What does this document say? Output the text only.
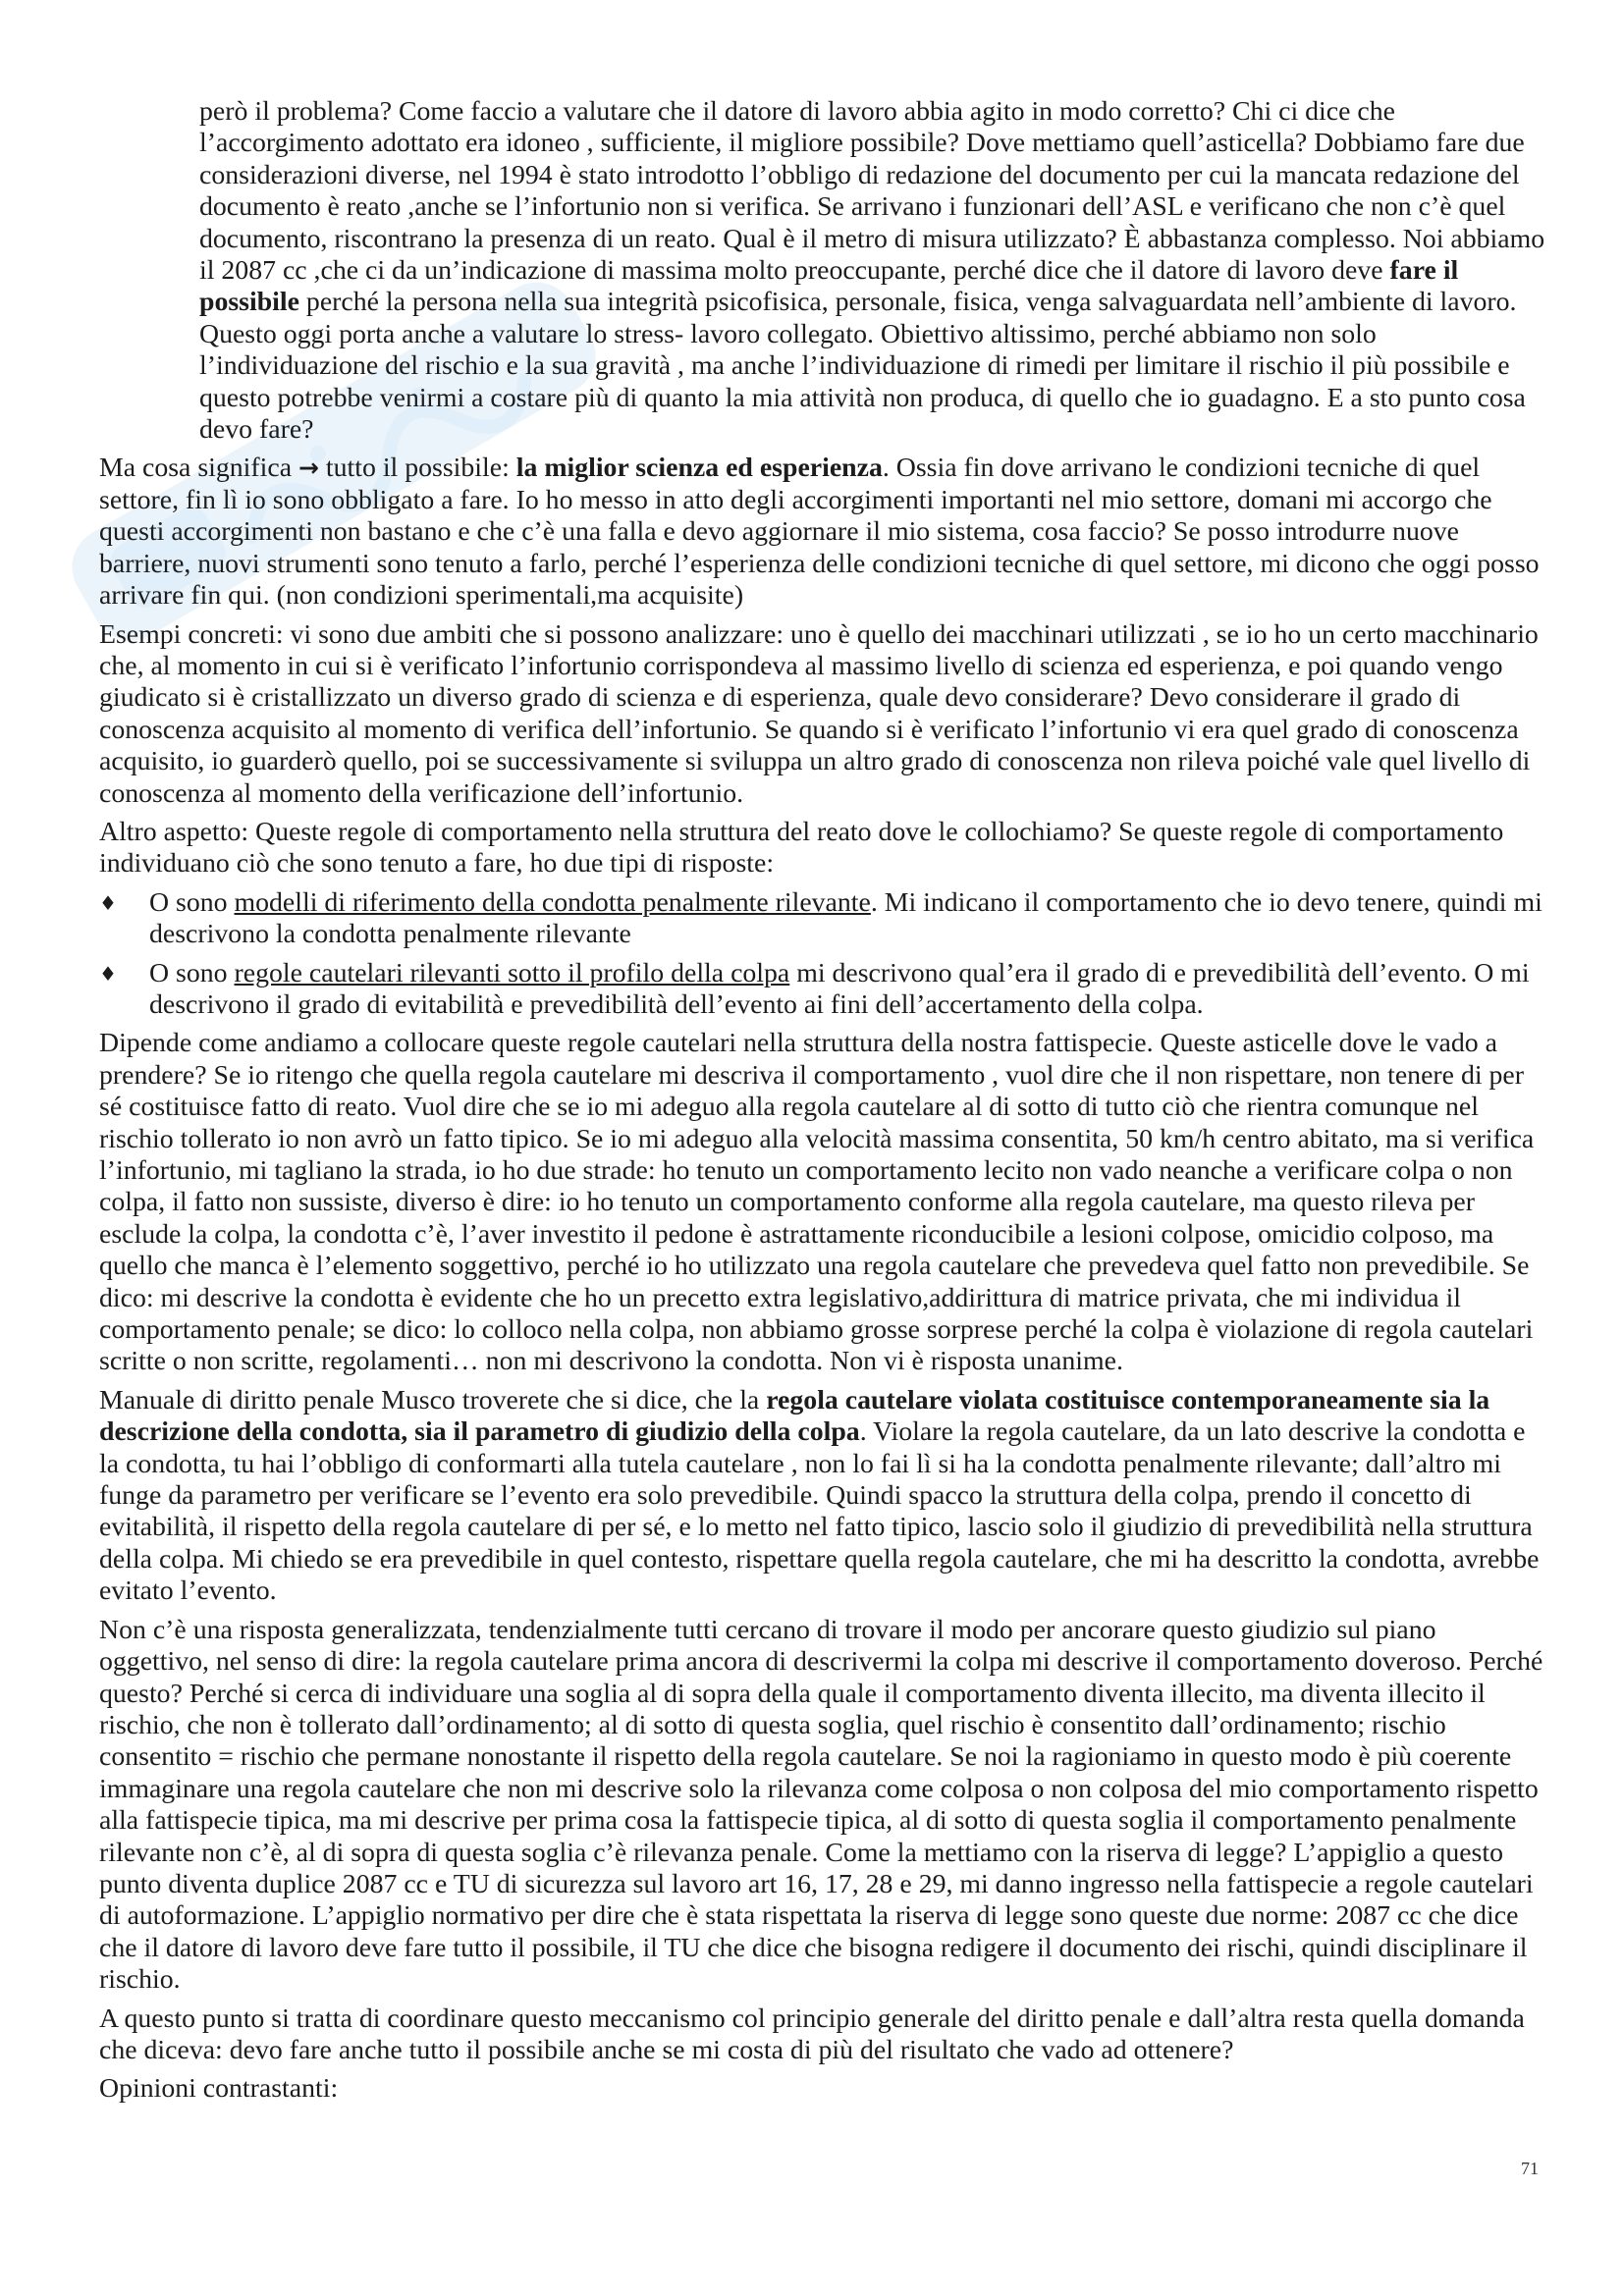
però il problema? Come faccio a valutare che il datore di lavoro abbia agito in modo corretto? Chi ci dice che l’accorgimento adottato era idoneo , sufficiente, il migliore possibile? Dove mettiamo quell’asticella? Dobbiamo fare due considerazioni diverse, nel 1994 è stato introdotto l’obbligo di redazione del documento per cui la mancata redazione del documento è reato ,anche se l’infortunio non si verifica. Se arrivano i funzionari dell’ASL e verificano che non c’è quel documento, riscontrano la presenza di un reato. Qual è il metro di misura utilizzato? È abbastanza complesso. Noi abbiamo il 2087 cc ,che ci da un’indicazione di massima molto preoccupante, perché dice che il datore di lavoro deve fare il possibile perché la persona nella sua integrità psicofisica, personale, fisica, venga salvaguardata nell’ambiente di lavoro. Questo oggi porta anche a valutare lo stress- lavoro collegato. Obiettivo altissimo, perché abbiamo non solo l’individuazione del rischio e la sua gravità , ma anche l’individuazione di rimedi per limitare il rischio il più possibile e questo potrebbe venirmi a costare più di quanto la mia attività non produca, di quello che io guadagno. E a sto punto cosa devo fare?

Ma cosa significa → tutto il possibile: la miglior scienza ed esperienza. Ossia fin dove arrivano le condizioni tecniche di quel settore, fin lì io sono obbligato a fare. Io ho messo in atto degli accorgimenti importanti nel mio settore, domani mi accorgo che questi accorgimenti non bastano e che c’è una falla e devo aggiornare il mio sistema, cosa faccio? Se posso introdurre nuove barriere, nuovi strumenti sono tenuto a farlo, perché l’esperienza delle condizioni tecniche di quel settore, mi dicono che oggi posso arrivare fin qui. (non condizioni sperimentali,ma acquisite)

Esempi concreti: vi sono due ambiti che si possono analizzare: uno è quello dei macchinari utilizzati , se io ho un certo macchinario che, al momento in cui si è verificato l’infortunio corrispondeva al massimo livello di scienza ed esperienza, e poi quando vengo giudicato si è cristallizzato un diverso grado di scienza e di esperienza, quale devo considerare? Devo considerare il grado di conoscenza acquisito al momento di verifica dell’infortunio. Se quando si è verificato l’infortunio vi era quel grado di conoscenza acquisito, io guarderò quello, poi se successivamente si sviluppa un altro grado di conoscenza non rileva poiché vale quel livello di conoscenza al momento della verificazione dell’infortunio.

Altro aspetto: Queste regole di comportamento nella struttura del reato dove le collochiamo? Se queste regole di comportamento individuano ciò che sono tenuto a fare, ho due tipi di risposte:

♦ O sono modelli di riferimento della condotta penalmente rilevante. Mi indicano il comportamento che io devo tenere, quindi mi descrivono la condotta penalmente rilevante
♦ O sono regole cautelari rilevanti sotto il profilo della colpa mi descrivono qual’era il grado di e prevedibilità dell’evento. O mi descrivono il grado di evitabilità e prevedibilità dell’evento ai fini dell’accertamento della colpa.

Dipende come andiamo a collocare queste regole cautelari nella struttura della nostra fattispecie. Queste asticelle dove le vado a prendere? Se io ritengo che quella regola cautelare mi descriva il comportamento , vuol dire che il non rispettare, non tenere di per sé costituisce fatto di reato. Vuol dire che se io mi adeguo alla regola cautelare al di sotto di tutto ciò che rientra comunque nel rischio tollerato io non avrò un fatto tipico. Se io mi adeguo alla velocità massima consentita, 50 km/h centro abitato, ma si verifica l’infortunio, mi tagliano la strada, io ho due strade: ho tenuto un comportamento lecito non vado neanche a verificare colpa o non colpa, il fatto non sussiste, diverso è dire: io ho tenuto un comportamento conforme alla regola cautelare, ma questo rileva per esclude la colpa, la condotta c’è, l’aver investito il pedone è astrattamente riconducibile a lesioni colpose, omicidio colposo, ma quello che manca è l’elemento soggettivo, perché io ho utilizzato una regola cautelare che prevedeva quel fatto non prevedibile. Se dico: mi descrive la condotta è evidente che ho un precetto extra legislativo,addirittura di matrice privata, che mi individua il comportamento penale; se dico: lo colloco nella colpa, non abbiamo grosse sorprese perché la colpa è violazione di regola cautelari scritte o non scritte, regolamenti… non mi descrivono la condotta. Non vi è risposta unanime.

Manuale di diritto penale Musco troverete che si dice, che la regola cautelare violata costituisce contemporaneamente sia la descrizione della condotta, sia il parametro di giudizio della colpa. Violare la regola cautelare, da un lato descrive la condotta e la condotta, tu hai l’obbligo di conformarti alla tutela cautelare , non lo fai lì si ha la condotta penalmente rilevante; dall’altro mi funge da parametro per verificare se l’evento era solo prevedibile. Quindi spacco la struttura della colpa, prendo il concetto di evitabilità, il rispetto della regola cautelare di per sé, e lo metto nel fatto tipico, lascio solo il giudizio di prevedibilità nella struttura della colpa. Mi chiedo se era prevedibile in quel contesto, rispettare quella regola cautelare, che mi ha descritto la condotta, avrebbe evitato l’evento.

Non c’è una risposta generalizzata, tendenzialmente tutti cercano di trovare il modo per ancorare questo giudizio sul piano oggettivo, nel senso di dire: la regola cautelare prima ancora di descrivermi la colpa mi descrive il comportamento doveroso. Perché questo? Perché si cerca di individuare una soglia al di sopra della quale il comportamento diventa illecito, ma diventa illecito il rischio, che non è tollerato dall’ordinamento; al di sotto di questa soglia, quel rischio è consentito dall’ordinamento; rischio consentito = rischio che permane nonostante il rispetto della regola cautelare. Se noi la ragioniamo in questo modo è più coerente immaginare una regola cautelare che non mi descrive solo la rilevanza come colposa o non colposa del mio comportamento rispetto alla fattispecie tipica, ma mi descrive per prima cosa la fattispecie tipica, al di sotto di questa soglia il comportamento penalmente rilevante non c’è, al di sopra di questa soglia c’è rilevanza penale. Come la mettiamo con la riserva di legge? L’appiglio a questo punto diventa duplice 2087 cc e TU di sicurezza sul lavoro art 16, 17, 28 e 29, mi danno ingresso nella fattispecie a regole cautelari di autoformazione. L’appiglio normativo per dire che è stata rispettata la riserva di legge sono queste due norme: 2087 cc che dice che il datore di lavoro deve fare tutto il possibile, il TU che dice che bisogna redigere il documento dei rischi, quindi disciplinare il rischio.

A questo punto si tratta di coordinare questo meccanismo col principio generale del diritto penale e dall’altra resta quella domanda che diceva: devo fare anche tutto il possibile anche se mi costa di più del risultato che vado ad ottenere?

Opinioni contrastanti:

71
